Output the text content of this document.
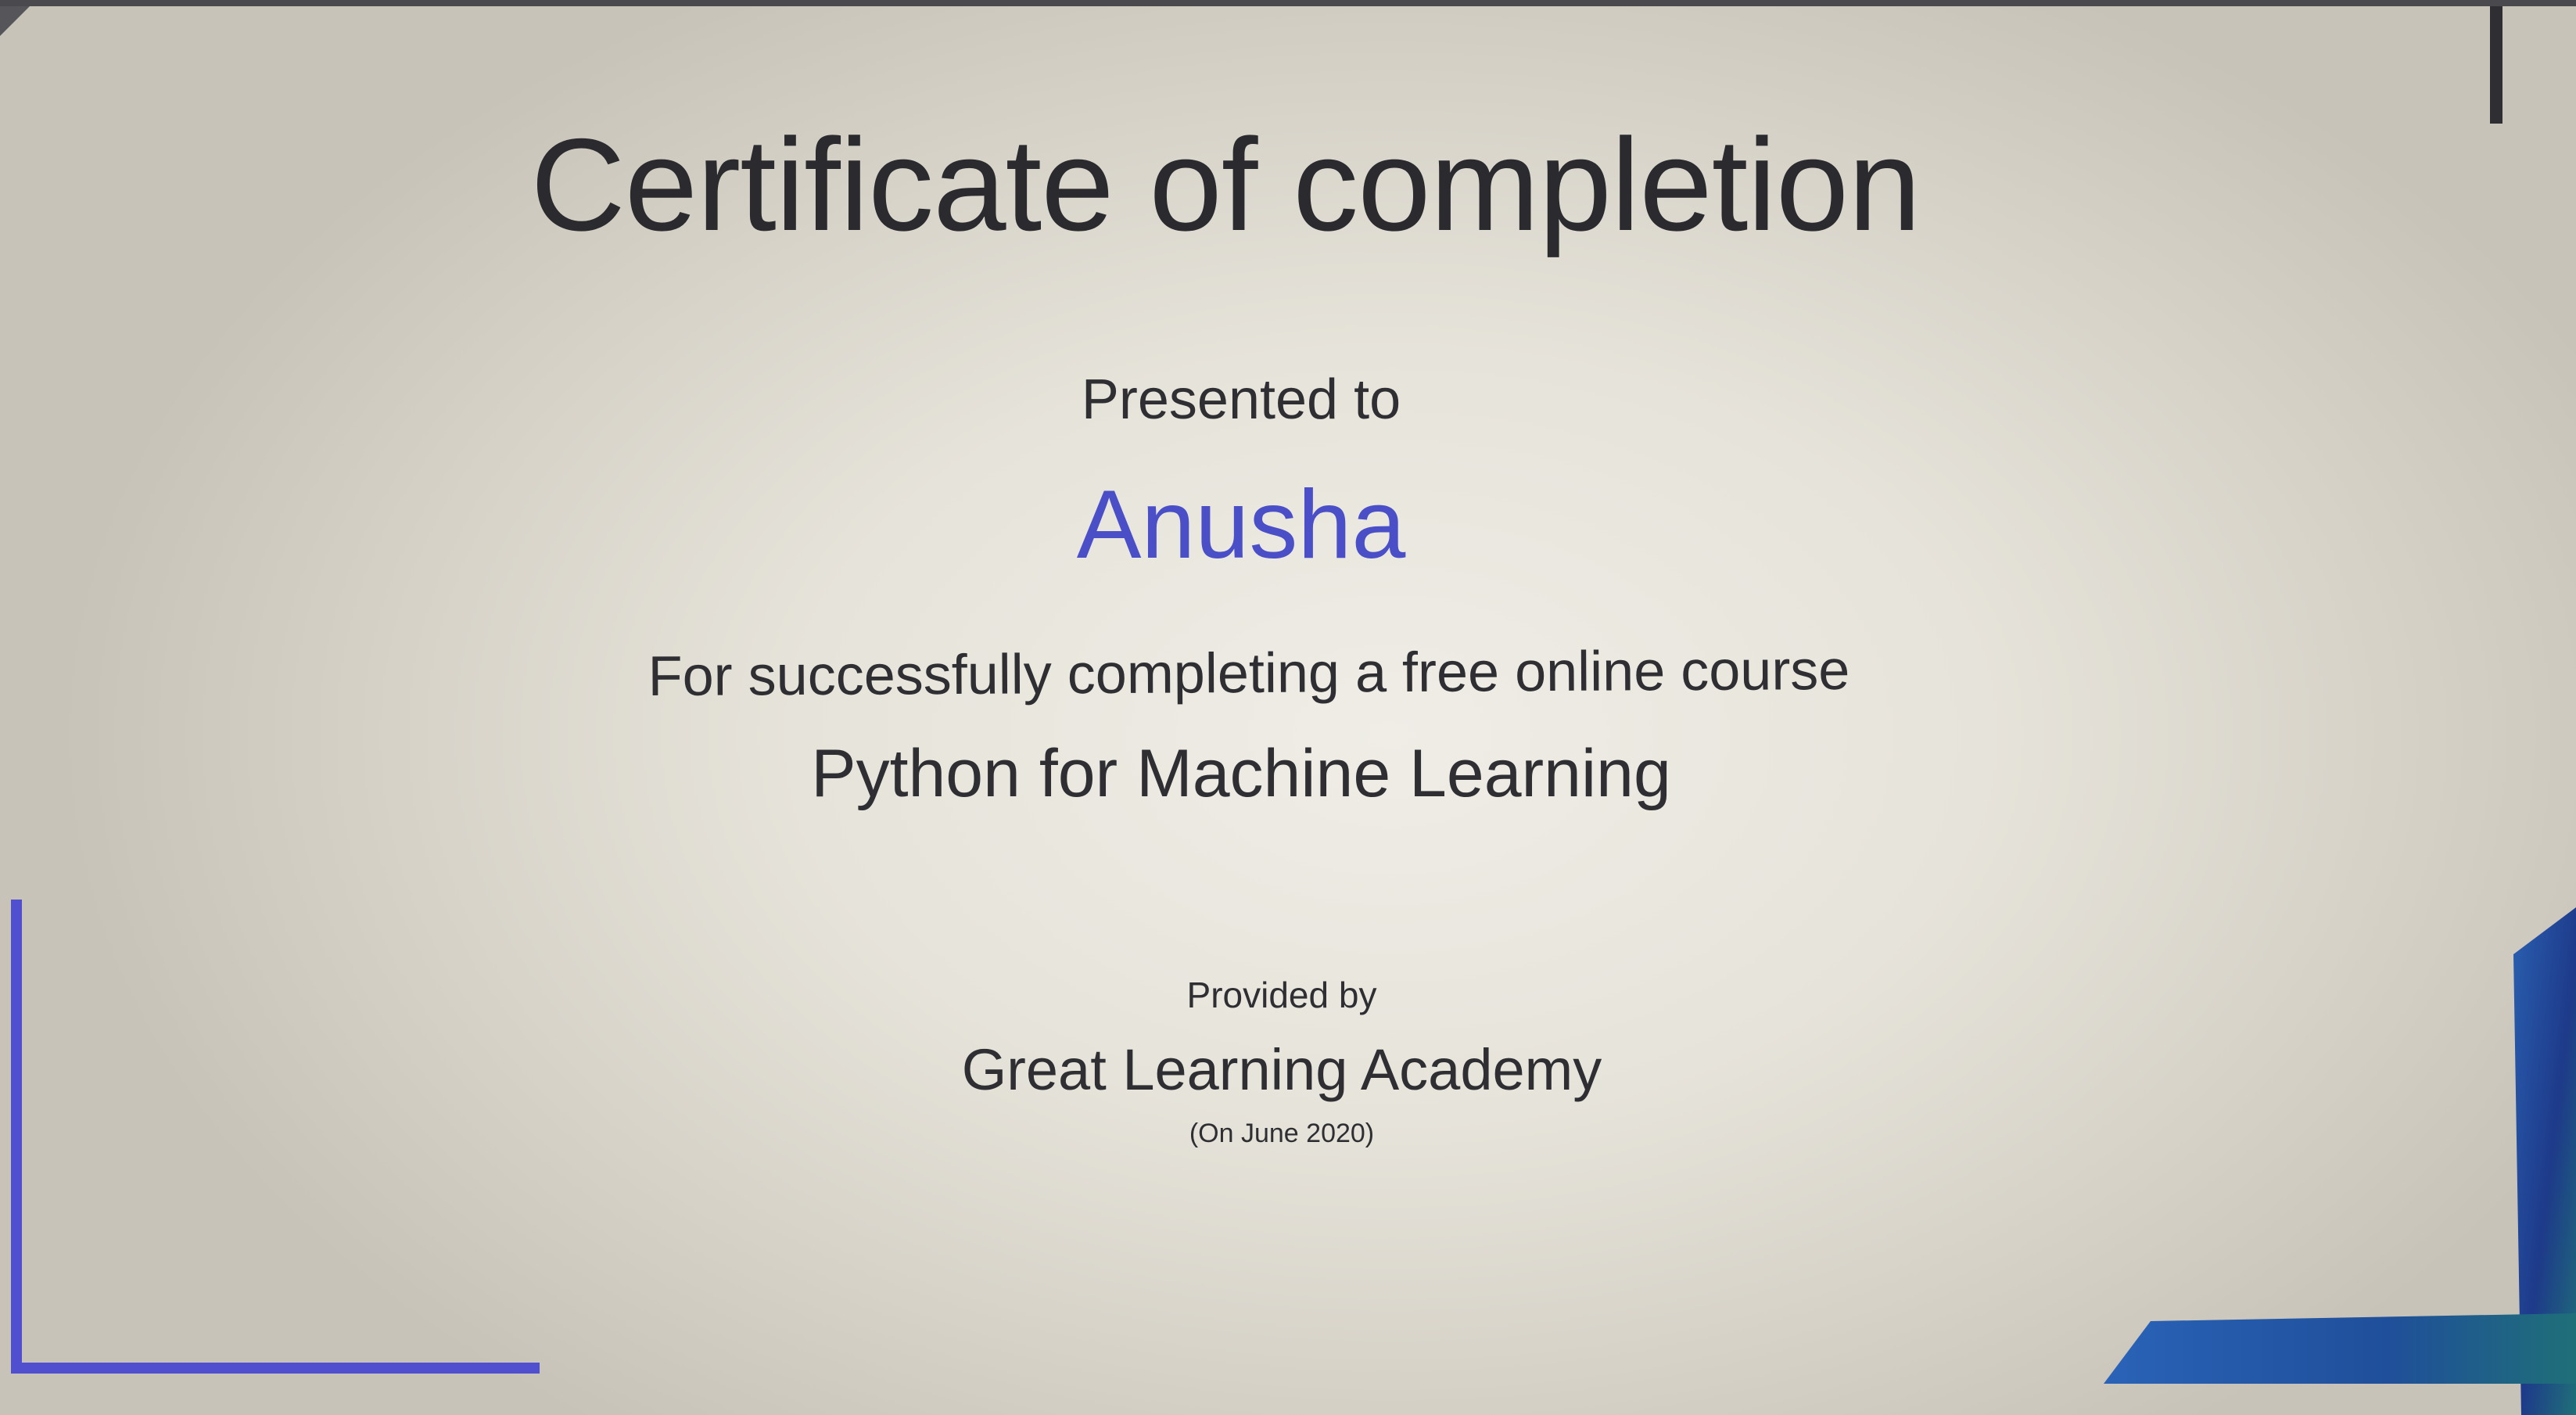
Certificate of completion
Presented to
Anusha
For successfully completing a free online course
Python for Machine Learning
Provided by
Great Learning Academy
(On June 2020)
